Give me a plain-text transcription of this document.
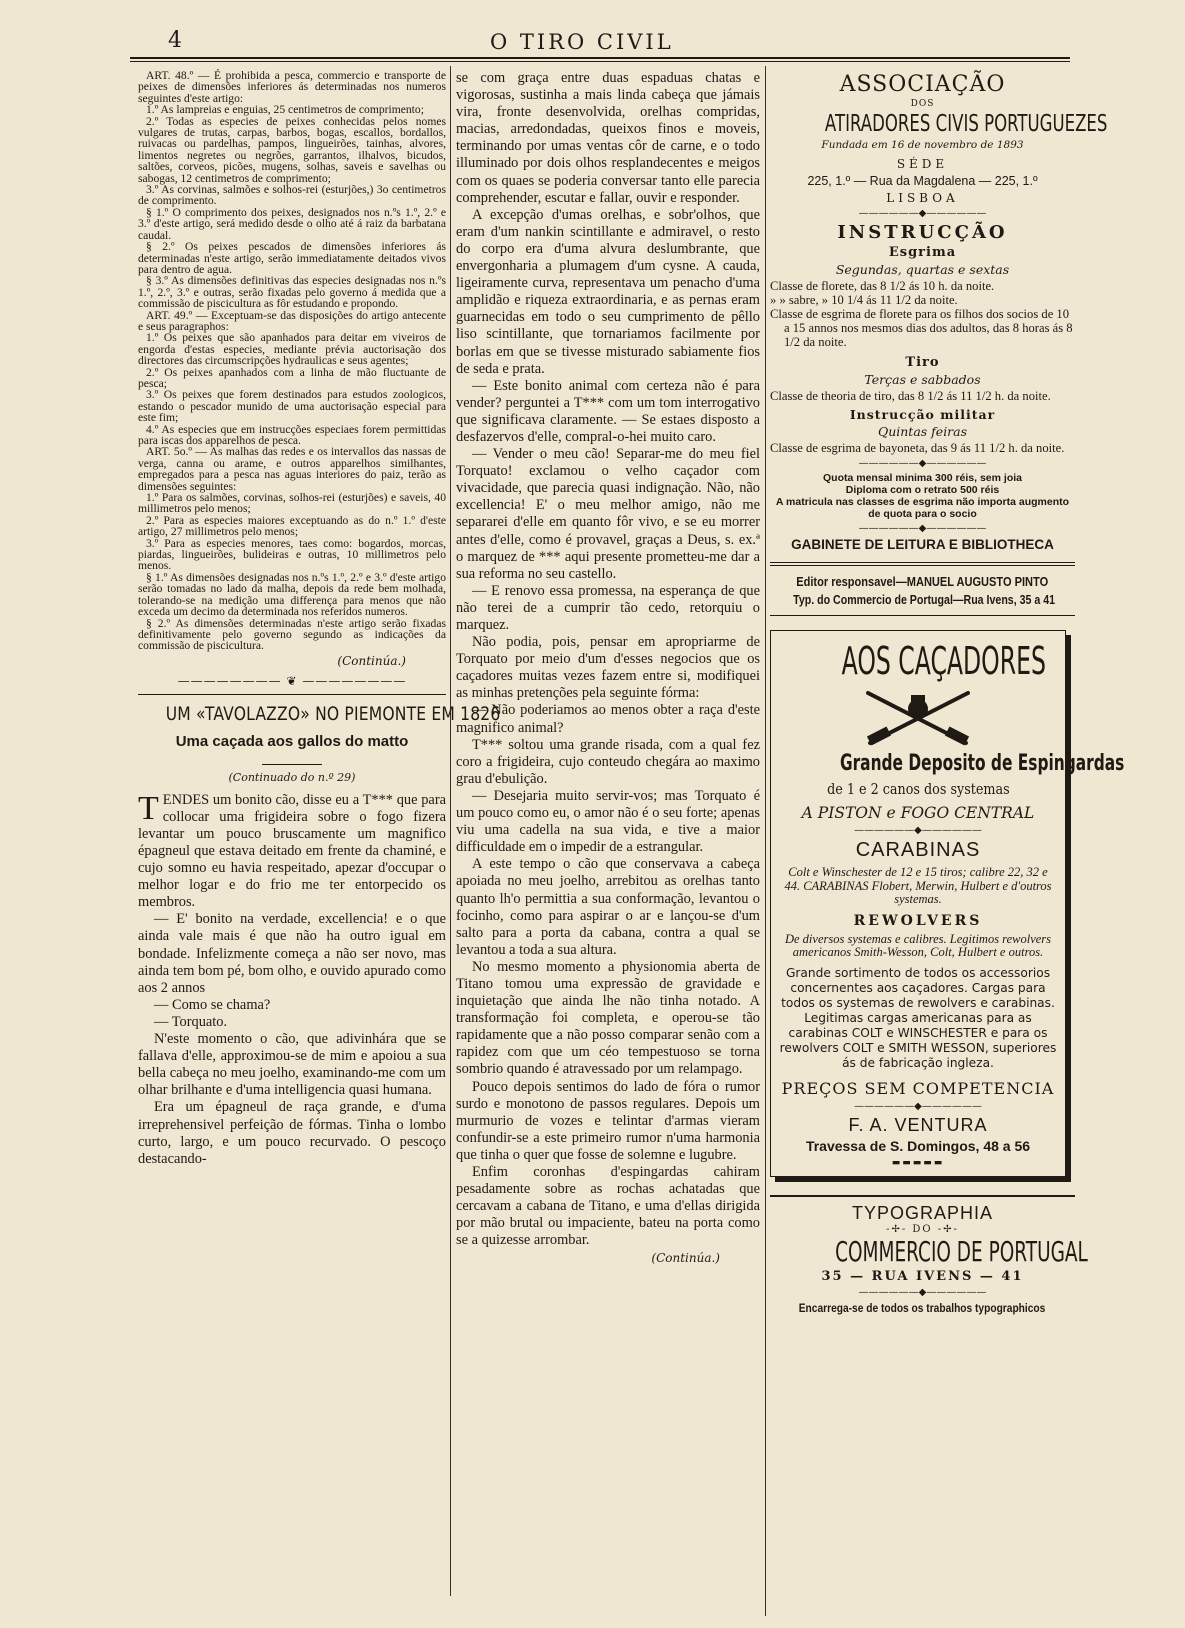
4	O TIRO CIVIL

ART. 48.º — É prohibida a pesca, commercio e transporte de peixes de dimensões inferiores ás determinadas nos numeros seguintes d'este artigo:

1.º As lampreias e enguias, 25 centimetros de comprimento;

2.º Todas as especies de peixes conhecidas pelos nomes vulgares de trutas, carpas, barbos, bogas, escallos, bordallos, ruivacas ou pardelhas, pampos, lingueirões, tainhas, alvores, limentos negretes ou negrões, garrantos, ilhalvos, bicudos, saltões, corveos, picões, mugens, solhas, saveis e savelhas ou sabogas, 12 centimetros de comprimento;

3.º As corvinas, salmões e solhos-rei (esturjões,) 3o centimetros de comprimento.

§ 1.º O comprimento dos peixes, designados nos n.ºs 1.º, 2.º e 3.º d'este artigo, será medido desde o olho até á raiz da barbatana caudal.

§ 2.º Os peixes pescados de dimensões inferiores ás determinadas n'este artigo, serão immediatamente deitados vivos para dentro de agua.

§ 3.º As dimensões definitivas das especies designadas nos n.ºs 1.º, 2.º, 3.º e outras, serão fixadas pelo governo á medida que a commissão de piscicultura as fôr estudando e propondo.

ART. 49.º — Exceptuam-se das disposições do artigo antecente e seus paragraphos:

1.º Os peixes que são apanhados para deitar em viveiros de engorda d'estas especies, mediante prévia auctorisação dos directores das circumscripções hydraulicas e seus agentes;

2.º Os peixes apanhados com a linha de mão fluctuante de pesca;

3.º Os peixes que forem destinados para estudos zoologicos, estando o pescador munido de uma auctorisação especial para este fim;

4.º As especies que em instrucções especiaes forem permittidas para iscas dos apparelhos de pesca.

ART. 5o.º — As malhas das redes e os intervallos das nassas de verga, canna ou arame, e outros apparelhos similhantes, empregados para a pesca nas aguas interiores do paiz, terão as dimensões seguintes:

1.º Para os salmões, corvinas, solhos-rei (esturjões) e saveis, 40 millimetros pelo menos;

2.º Para as especies maiores exceptuando as do n.º 1.º d'este artigo, 27 millimetros pelo menos;

3.º Para as especies menores, taes como: bogardos, morcas, piardas, lingueirões, bulideiras e outras, 10 millimetros pelo menos.

§ 1.º As dimensões designadas nos n.ºs 1.º, 2.º e 3.º d'este artigo serão tomadas no lado da malha, depois da rede bem molhada, tolerando-se na medição uma differença para menos que não exceda um decimo da determinada nos referidos numeros.

§ 2.º As dimensões determinadas n'este artigo serão fixadas definitivamente pelo governo segundo as indicações da commissão de piscicultura.

(Continúa.)
———————— ❦ ————————
UM «TAVOLAZZO» NO PIEMONTE EM 1826
Uma caçada aos gallos do matto
(Continuado do n.º 29)

TENDES um bonito cão, disse eu a T*** que para collocar uma frigideira sobre o fogo fizera levantar um pouco bruscamente um magnifico épagneul que estava deitado em frente da chaminé, e cujo somno eu havia respeitado, apezar d'occupar o melhor logar e do frio me ter entorpecido os membros.

— E' bonito na verdade, excellencia! e o que ainda vale mais é que não ha outro igual em bondade. Infelizmente começa a não ser novo, mas ainda tem bom pé, bom olho, e ouvido apurado como aos 2 annos

— Como se chama?

— Torquato.

N'este momento o cão, que adivinhára que se fallava d'elle, approximou-se de mim e apoiou a sua bella cabeça no meu joelho, examinando-me com um olhar brilhante e d'uma intelligencia quasi humana.

Era um épagneul de raça grande, e d'uma irreprehensivel perfeição de fórmas. Tinha o lombo curto, largo, e um pouco recurvado. O pescoço destacando-

se com graça entre duas espaduas chatas e vigorosas, sustinha a mais linda cabeça que jámais vira, fronte desenvolvida, orelhas compridas, macias, arredondadas, queixos finos e moveis, terminando por umas ventas côr de carne, e o todo illuminado por dois olhos resplandecentes e meigos com os quaes se poderia conversar tanto elle parecia comprehender, escutar e fallar, ouvir e responder.

A excepção d'umas orelhas, e sobr'olhos, que eram d'um nankin scintillante e admiravel, o resto do corpo era d'uma alvura deslumbrante, que envergonharia a plumagem d'um cysne. A cauda, ligeiramente curva, representava um penacho d'uma amplidão e riqueza extraordinaria, e as pernas eram guarnecidas em todo o seu cumprimento de pêllo liso scintillante, que tornariamos facilmente por borlas em que se tivesse misturado sabiamente fios de seda e prata.

— Este bonito animal com certeza não é para vender? perguntei a T*** com um tom interrogativo que significava claramente. — Se estaes disposto a desfazervos d'elle, compral-o-hei muito caro.

— Vender o meu cão! Separar-me do meu fiel Torquato! exclamou o velho caçador com vivacidade, que parecia quasi indignação. Não, não excellencia! E' o meu melhor amigo, não me separarei d'elle em quanto fôr vivo, e se eu morrer antes d'elle, como é provavel, graças a Deus, s. ex.ª o marquez de *** aqui presente prometteu-me dar a sua reforma no seu castello.

— E renovo essa promessa, na esperança de que não terei de a cumprir tão cedo, retorquiu o marquez.

Não podia, pois, pensar em apropriarme de Torquato por meio d'um d'esses negocios que os caçadores muitas vezes fazem entre si, modifiquei as minhas pretenções pela seguinte fórma:

— Não poderiamos ao menos obter a raça d'este magnifico animal?

T*** soltou uma grande risada, com a qual fez coro a frigideira, cujo conteudo chegára ao maximo grau d'ebulição.

— Desejaria muito servir-vos; mas Torquato é um pouco como eu, o amor não é o seu forte; apenas viu uma cadella na sua vida, e tive a maior difficuldade em o impedir de a estrangular.

A este tempo o cão que conservava a cabeça apoiada no meu joelho, arrebitou as orelhas tanto quanto lh'o permittia a sua conformação, levantou o focinho, como para aspirar o ar e lançou-se d'um salto para a porta da cabana, contra a qual se levantou a toda a sua altura.

No mesmo momento a physionomia aberta de Titano tomou uma expressão de gravidade e inquietação que ainda lhe não tinha notado. A transformação foi completa, e operou-se tão rapidamente que a não posso comparar senão com a rapidez com que um céo tempestuoso se torna sombrio quando é atravessado por um relampago.

Pouco depois sentimos do lado de fóra o rumor surdo e monotono de passos regulares. Depois um murmurio de vozes e telintar d'armas vieram confundir-se a este primeiro rumor n'uma harmonia que tinha o quer que fosse de solemne e lugubre.

Enfim coronhas d'espingardas cahiram pesadamente sobre as rochas achatadas que cercavam a cabana de Titano, e uma d'ellas dirigida por mão brutal ou impaciente, bateu na porta como se a quizesse arrombar.

(Continúa.)
ASSOCIAÇÃO
DOS
ATIRADORES CIVIS PORTUGUEZES
Fundada em 16 de novembro de 1893
SÉDE
225, 1.º — Rua da Magdalena — 225, 1.º
LISBOA
——————◆——————
INSTRUCÇÃO
Esgrima
Segundas, quartas e sextas

Classe de florete, das 8 1/2 ás 10 h. da noite.

» » sabre, » 10 1/4 ás 11 1/2 da noite.

Classe de esgrima de florete para os filhos dos socios de 10 a 15 annos nos mesmos dias dos adultos, das 8 horas ás 8 1/2 da noite.

Tiro
Terças e sabbados

Classe de theoria de tiro, das 8 1/2 ás 11 1/2 h. da noite.

Instrucção militar
Quintas feiras

Classe de esgrima de bayoneta, das 9 ás 11 1/2 h. da noite.

——————◆——————
Quota mensal minima 300 réis, sem joia
Diploma com o retrato 500 réis
A matricula nas classes de esgrima não importa augmento de quota para o socio
——————◆——————
GABINETE DE LEITURA E BIBLIOTHECA
Editor responsavel—MANUEL AUGUSTO PINTO
Typ. do Commercio de Portugal—Rua Ivens, 35 a 41
AOS CAÇADORES
Grande Deposito de Espingardas
de 1 e 2 canos dos systemas
A PISTON e FOGO CENTRAL
——————◆——————
CARABINAS

Colt e Winschester de 12 e 15 tiros; calibre 22, 32 e 44. CARABINAS Flobert, Merwin, Hulbert e d'outros systemas.

REWOLVERS

De diversos systemas e calibres. Legitimos rewolvers americanos Smith-Wesson, Colt, Hulbert e outros.

Grande sortimento de todos os accessorios concernentes aos caçadores. Cargas para todos os systemas de rewolvers e carabinas. Legitimas cargas americanas para as carabinas COLT e WINSCHESTER e para os rewolvers COLT e SMITH WESSON, superiores ás de fabricação ingleza.

PREÇOS SEM COMPETENCIA
——————◆——————
F. A. VENTURA
Travessa de S. Domingos, 48 a 56
▬▬▬▬▬
TYPOGRAPHIA
-✢- DO -✢-
COMMERCIO DE PORTUGAL
35 — RUA IVENS — 41
——————◆——————
Encarrega-se de todos os trabalhos typographicos
